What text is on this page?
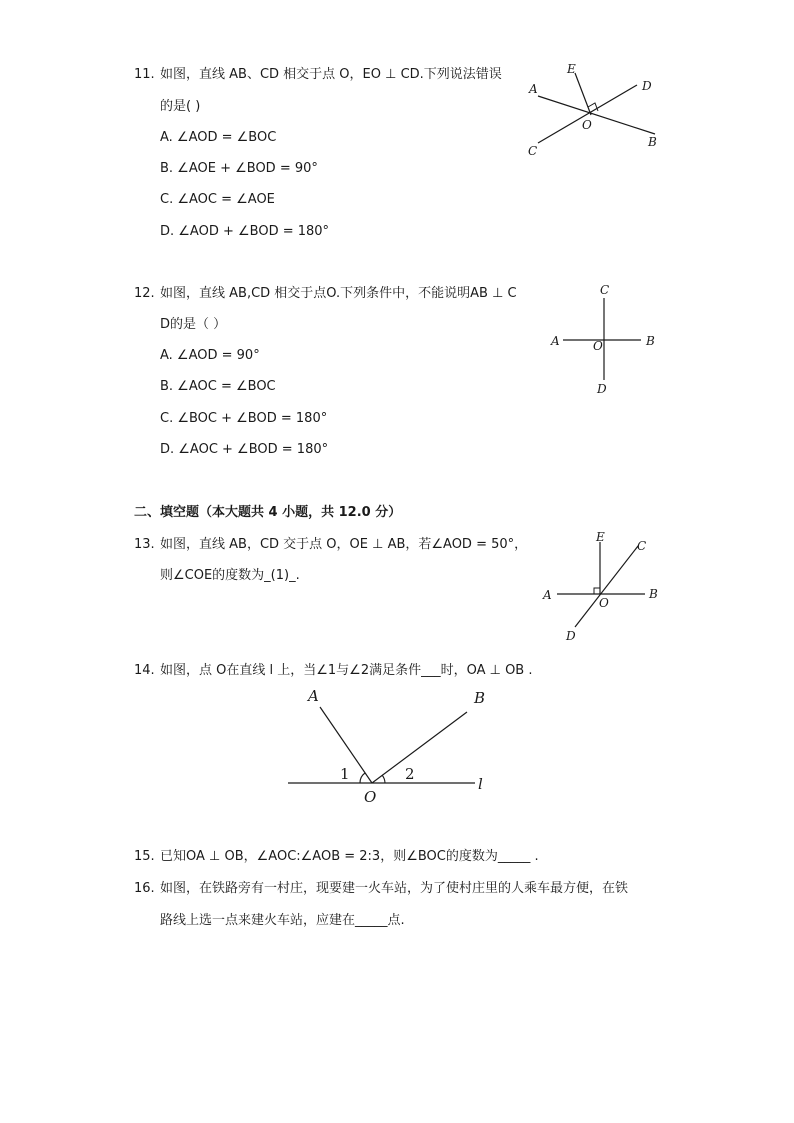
11. 如图，直线 AB、CD 相交于点 O，EO ⊥ CD.下列说法错误
的是( )
A. ∠AOD = ∠BOC
B. ∠AOE + ∠BOD = 90°
C. ∠AOC = ∠AOE
D. ∠AOD + ∠BOD = 180°
A
E
D
O
B
C
12. 如图，直线 AB,CD 相交于点O.下列条件中，不能说明AB ⊥ C
D的是（ ）
A. ∠AOD = 90°
B. ∠AOC = ∠BOC
C. ∠BOC + ∠BOD = 180°
D. ∠AOC + ∠BOD = 180°
C
A	B
O
D
二、填空题（本大题共 4 小题，共 12.0 分）
13. 如图，直线 AB，CD 交于点 O，OE ⊥ AB，若∠AOD = 50°，
则∠COE的度数为_(1)_.
E
C
A	B
O
D
14. 如图，点 O在直线 l 上，当∠1与∠2满足条件___时，OA ⊥ OB .
A	B
1	2
O
l
15. 已知OA ⊥ OB，∠AOC:∠AOB = 2:3，则∠BOC的度数为_____ .
16. 如图，在铁路旁有一村庄，现要建一火车站，为了使村庄里的人乘车最方便，在铁
路线上选一点来建火车站，应建在_____点.
